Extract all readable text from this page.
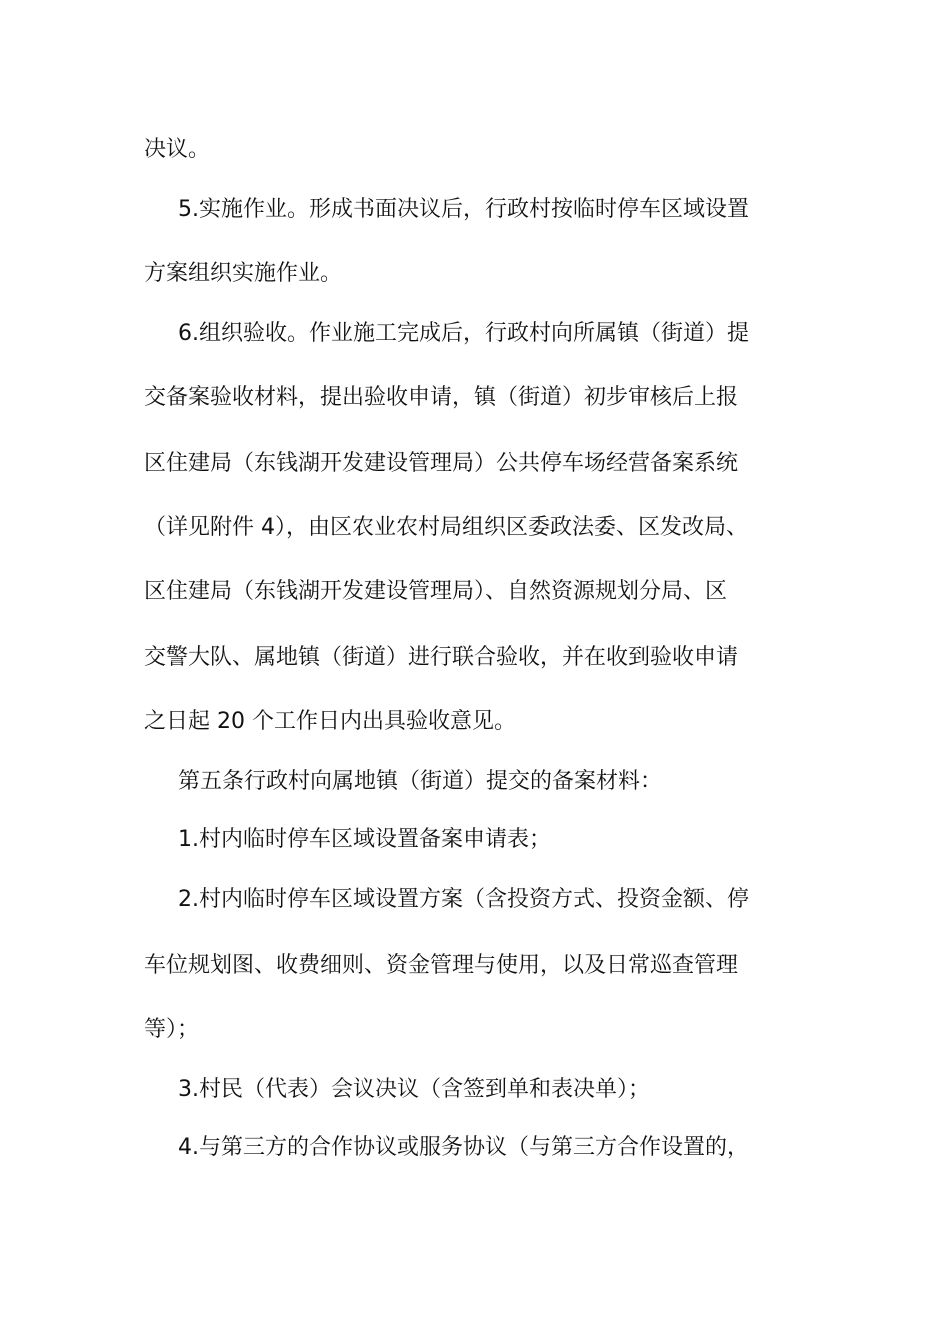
决议。
5.实施作业。形成书面决议后，行政村按临时停车区域设置
方案组织实施作业。
6.组织验收。作业施工完成后，行政村向所属镇（街道）提
交备案验收材料，提出验收申请，镇（街道）初步审核后上报
区住建局（东钱湖开发建设管理局）公共停车场经营备案系统
（详见附件 4），由区农业农村局组织区委政法委、区发改局、
区住建局（东钱湖开发建设管理局）、自然资源规划分局、区
交警大队、属地镇（街道）进行联合验收，并在收到验收申请
之日起 20 个工作日内出具验收意见。
第五条行政村向属地镇（街道）提交的备案材料：
1.村内临时停车区域设置备案申请表；
2.村内临时停车区域设置方案（含投资方式、投资金额、停
车位规划图、收费细则、资金管理与使用，以及日常巡查管理
等）；
3.村民（代表）会议决议（含签到单和表决单）；
4.与第三方的合作协议或服务协议（与第三方合作设置的，
